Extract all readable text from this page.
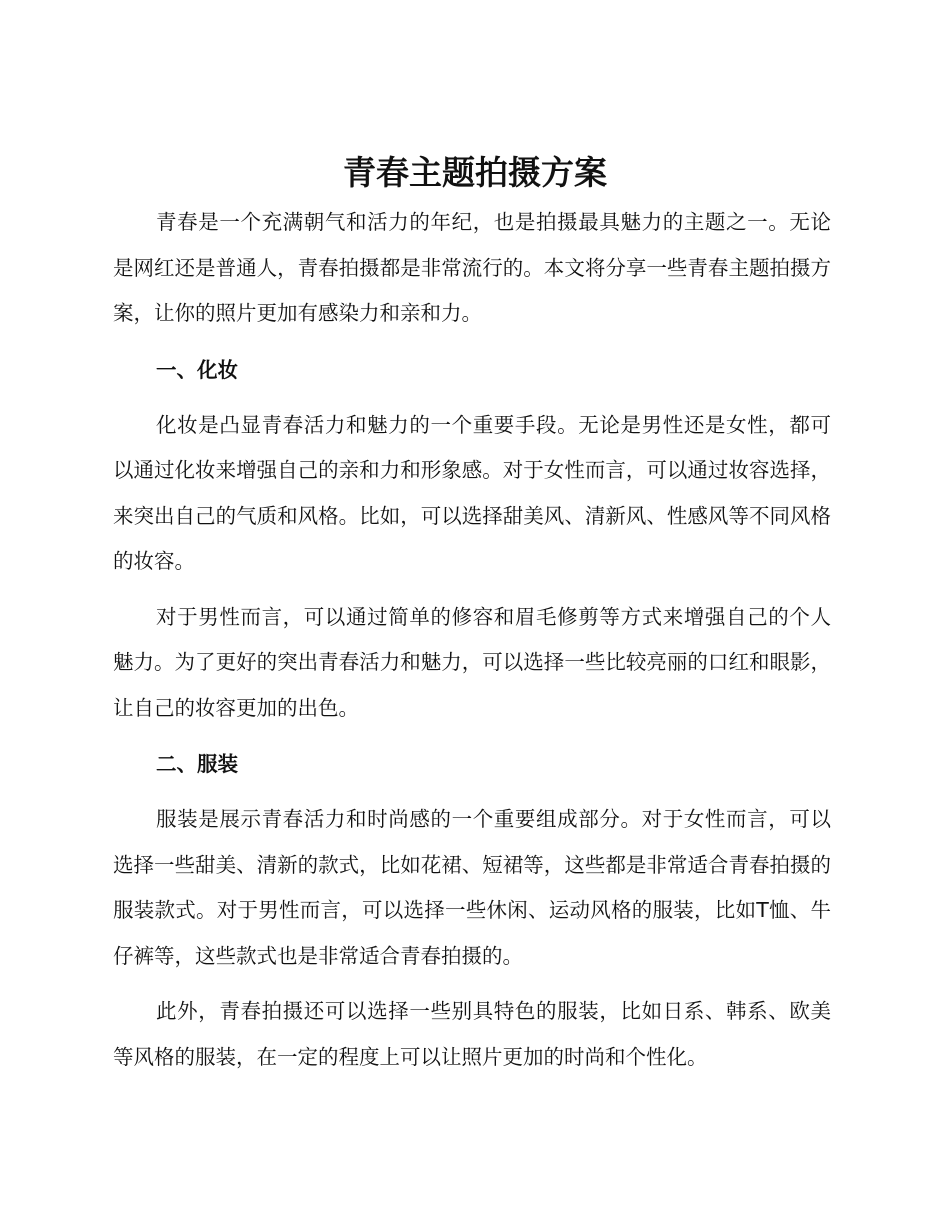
青春主题拍摄方案

青春是一个充满朝气和活力的年纪，也是拍摄最具魅力的主题之一。无论是网红还是普通人，青春拍摄都是非常流行的。本文将分享一些青春主题拍摄方案，让你的照片更加有感染力和亲和力。

一、化妆

化妆是凸显青春活力和魅力的一个重要手段。无论是男性还是女性，都可以通过化妆来增强自己的亲和力和形象感。对于女性而言，可以通过妆容选择，来突出自己的气质和风格。比如，可以选择甜美风、清新风、性感风等不同风格的妆容。

对于男性而言，可以通过简单的修容和眉毛修剪等方式来增强自己的个人魅力。为了更好的突出青春活力和魅力，可以选择一些比较亮丽的口红和眼影，让自己的妆容更加的出色。

二、服装

服装是展示青春活力和时尚感的一个重要组成部分。对于女性而言，可以选择一些甜美、清新的款式，比如花裙、短裙等，这些都是非常适合青春拍摄的服装款式。对于男性而言，可以选择一些休闲、运动风格的服装，比如T恤、牛仔裤等，这些款式也是非常适合青春拍摄的。

此外，青春拍摄还可以选择一些别具特色的服装，比如日系、韩系、欧美等风格的服装，在一定的程度上可以让照片更加的时尚和个性化。
